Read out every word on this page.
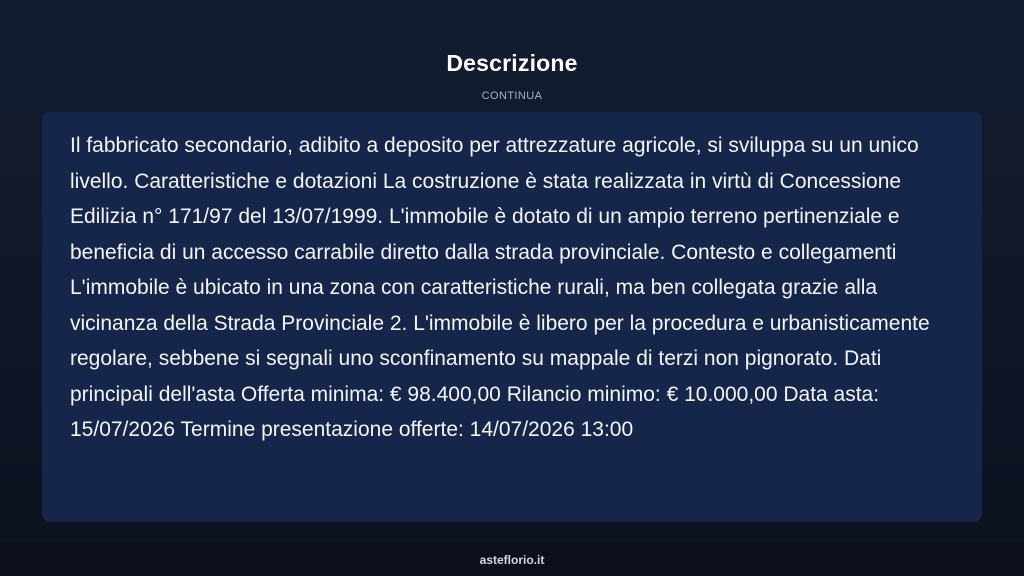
Descrizione
CONTINUA

Il fabbricato secondario, adibito a deposito per attrezzature agricole, si sviluppa su un unico livello. Caratteristiche e dotazioni La costruzione è stata realizzata in virtù di Concessione Edilizia n° 171/97 del 13/07/1999. L'immobile è dotato di un ampio terreno pertinenziale e beneficia di un accesso carrabile diretto dalla strada provinciale. Contesto e collegamenti L'immobile è ubicato in una zona con caratteristiche rurali, ma ben collegata grazie alla vicinanza della Strada Provinciale 2. L'immobile è libero per la procedura e urbanisticamente regolare, sebbene si segnali uno sconfinamento su mappale di terzi non pignorato. Dati principali dell'asta Offerta minima: € 98.400,00 Rilancio minimo: € 10.000,00 Data asta: 15/07/2026 Termine presentazione offerte: 14/07/2026 13:00

asteflorio.it
